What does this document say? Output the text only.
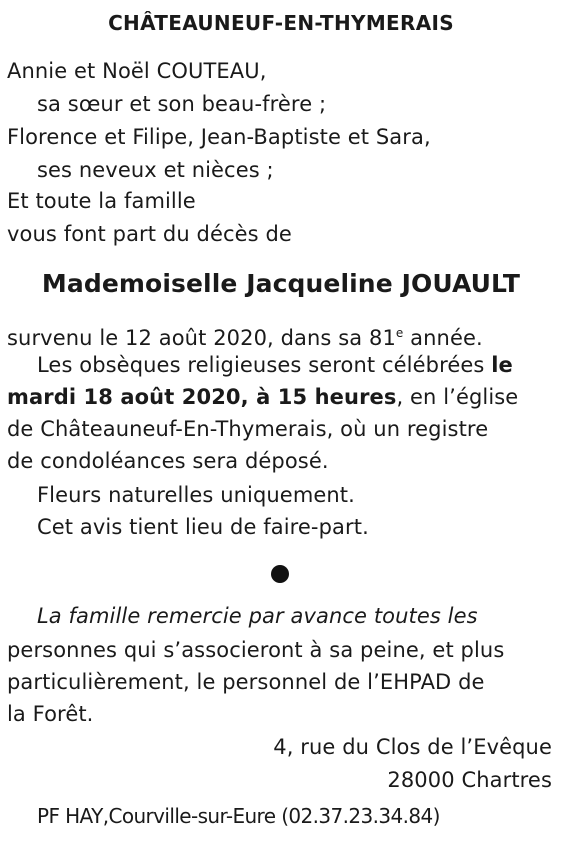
CHÂTEAUNEUF-EN-THYMERAIS
Annie et Noël COUTEAU,
sa sœur et son beau-frère ;
Florence et Filipe, Jean-Baptiste et Sara,
ses neveux et nièces ;
Et toute la famille
vous font part du décès de
Mademoiselle Jacqueline JOUAULT
survenu le 12 août 2020, dans sa 81e année.
Les obsèques religieuses seront célébrées le
mardi 18 août 2020, à 15 heures, en l’église
de Châteauneuf-En-Thymerais, où un registre
de condoléances sera déposé.
Fleurs naturelles uniquement.
Cet avis tient lieu de faire-part.
La famille remercie par avance toutes les
personnes qui s’associeront à sa peine, et plus
particulièrement, le personnel de l’EHPAD de
la Forêt.
4, rue du Clos de l’Evêque
28000 Chartres
PF HAY,Courville-sur-Eure (02.37.23.34.84)
